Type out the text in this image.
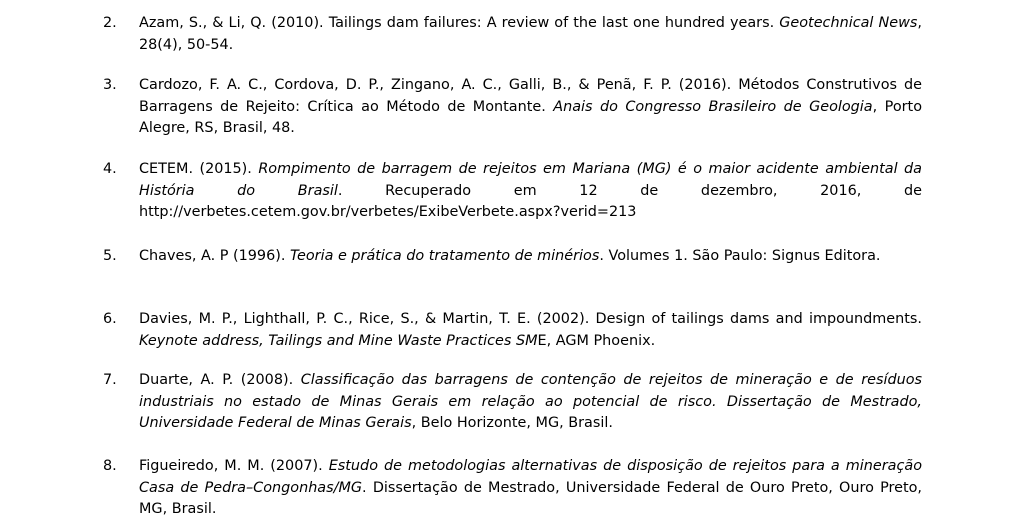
2.	Azam, S., & Li, Q. (2010). Tailings dam failures: A review of the last one hundred years. Geotechnical News, 28(4), 50-54.
3.	Cardozo, F. A. C., Cordova, D. P., Zingano, A. C., Galli, B., & Penã, F. P. (2016). Métodos Construtivos de Barragens de Rejeito: Crítica ao Método de Montante. Anais do Congresso Brasileiro de Geologia, Porto Alegre, RS, Brasil, 48.
4.	CETEM. (2015). Rompimento de barragem de rejeitos em Mariana (MG) é o maior acidente ambiental da História do Brasil. Recuperado em 12 de dezembro, 2016, de http://verbetes.cetem.gov.br/verbetes/ExibeVerbete.aspx?verid=213
5.	Chaves, A. P (1996). Teoria e prática do tratamento de minérios. Volumes 1. São Paulo: Signus Editora.
6.	Davies, M. P., Lighthall, P. C., Rice, S., & Martin, T. E. (2002). Design of tailings dams and impoundments. Keynote address, Tailings and Mine Waste Practices SME, AGM Phoenix.
7.	Duarte, A. P. (2008). Classificação das barragens de contenção de rejeitos de mineração e de resíduos industriais no estado de Minas Gerais em relação ao potencial de risco. Dissertação de Mestrado, Universidade Federal de Minas Gerais, Belo Horizonte, MG, Brasil.
8.	Figueiredo, M. M. (2007). Estudo de metodologias alternativas de disposição de rejeitos para a mineração Casa de Pedra–Congonhas/MG. Dissertação de Mestrado, Universidade Federal de Ouro Preto, Ouro Preto, MG, Brasil.
